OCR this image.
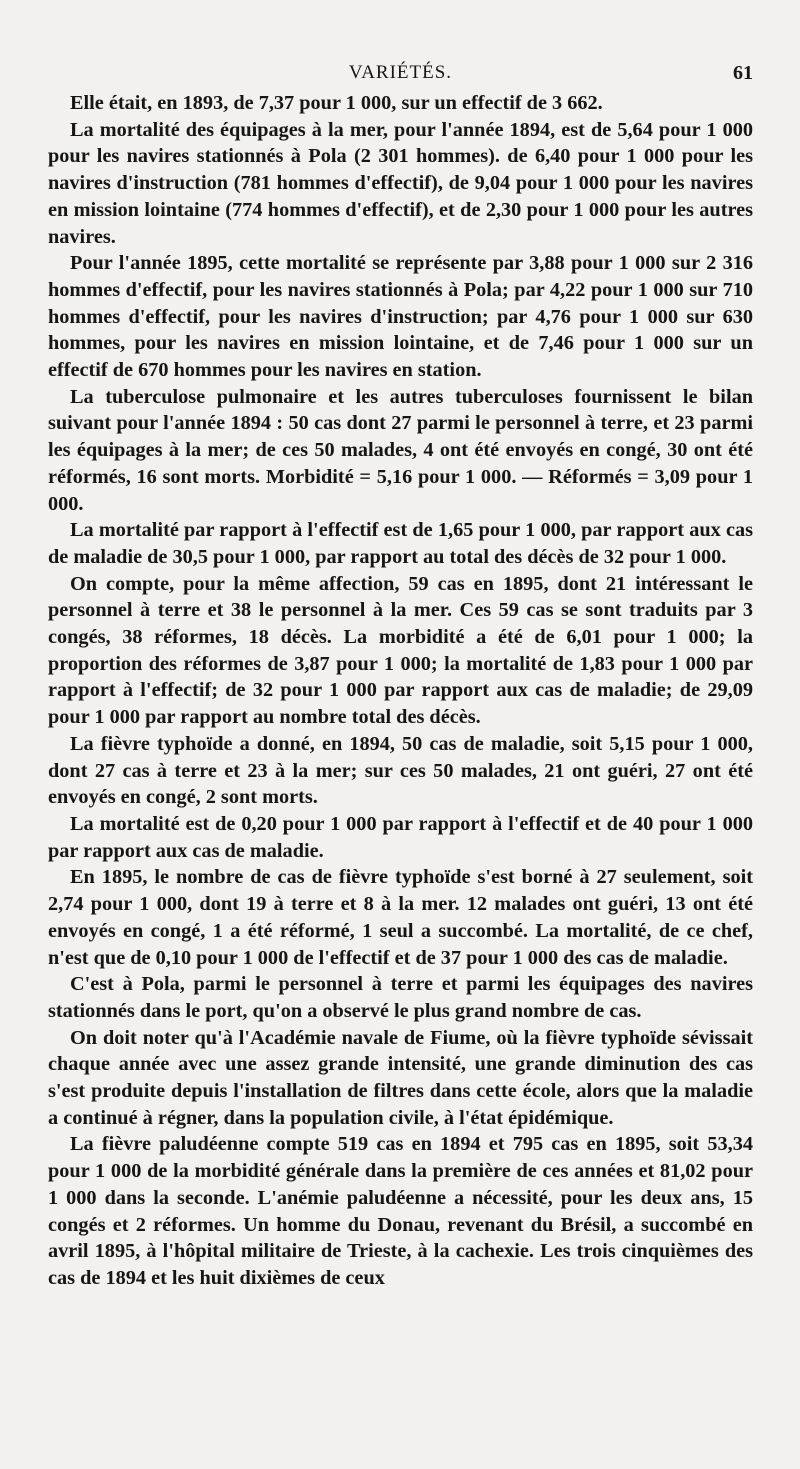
VARIÉTÉS.	61

Elle était, en 1893, de 7,37 pour 1 000, sur un effectif de 3 662.

La mortalité des équipages à la mer, pour l'année 1894, est de 5,64 pour 1 000 pour les navires stationnés à Pola (2 301 hommes). de 6,40 pour 1 000 pour les navires d'instruction (781 hommes d'effectif), de 9,04 pour 1 000 pour les navires en mission lointaine (774 hommes d'effectif), et de 2,30 pour 1 000 pour les autres navires.

Pour l'année 1895, cette mortalité se représente par 3,88 pour 1 000 sur 2 316 hommes d'effectif, pour les navires stationnés à Pola; par 4,22 pour 1 000 sur 710 hommes d'effectif, pour les navires d'instruction; par 4,76 pour 1 000 sur 630 hommes, pour les navires en mission lointaine, et de 7,46 pour 1 000 sur un effectif de 670 hommes pour les navires en station.

La tuberculose pulmonaire et les autres tuberculoses fournissent le bilan suivant pour l'année 1894 : 50 cas dont 27 parmi le personnel à terre, et 23 parmi les équipages à la mer; de ces 50 malades, 4 ont été envoyés en congé, 30 ont été réformés, 16 sont morts. Morbidité = 5,16 pour 1 000. — Réformés = 3,09 pour 1 000.

La mortalité par rapport à l'effectif est de 1,65 pour 1 000, par rapport aux cas de maladie de 30,5 pour 1 000, par rapport au total des décès de 32 pour 1 000.

On compte, pour la même affection, 59 cas en 1895, dont 21 intéressant le personnel à terre et 38 le personnel à la mer. Ces 59 cas se sont traduits par 3 congés, 38 réformes, 18 décès. La morbidité a été de 6,01 pour 1 000; la proportion des réformes de 3,87 pour 1 000; la mortalité de 1,83 pour 1 000 par rapport à l'effectif; de 32 pour 1 000 par rapport aux cas de maladie; de 29,09 pour 1 000 par rapport au nombre total des décès.

La fièvre typhoïde a donné, en 1894, 50 cas de maladie, soit 5,15 pour 1 000, dont 27 cas à terre et 23 à la mer; sur ces 50 malades, 21 ont guéri, 27 ont été envoyés en congé, 2 sont morts.

La mortalité est de 0,20 pour 1 000 par rapport à l'effectif et de 40 pour 1 000 par rapport aux cas de maladie.

En 1895, le nombre de cas de fièvre typhoïde s'est borné à 27 seulement, soit 2,74 pour 1 000, dont 19 à terre et 8 à la mer. 12 malades ont guéri, 13 ont été envoyés en congé, 1 a été réformé, 1 seul a succombé. La mortalité, de ce chef, n'est que de 0,10 pour 1 000 de l'effectif et de 37 pour 1 000 des cas de maladie.

C'est à Pola, parmi le personnel à terre et parmi les équipages des navires stationnés dans le port, qu'on a observé le plus grand nombre de cas.

On doit noter qu'à l'Académie navale de Fiume, où la fièvre typhoïde sévissait chaque année avec une assez grande intensité, une grande diminution des cas s'est produite depuis l'installation de filtres dans cette école, alors que la maladie a continué à régner, dans la population civile, à l'état épidémique.

La fièvre paludéenne compte 519 cas en 1894 et 795 cas en 1895, soit 53,34 pour 1 000 de la morbidité générale dans la première de ces années et 81,02 pour 1 000 dans la seconde. L'anémie paludéenne a nécessité, pour les deux ans, 15 congés et 2 réformes. Un homme du Donau, revenant du Brésil, a succombé en avril 1895, à l'hôpital militaire de Trieste, à la cachexie. Les trois cinquièmes des cas de 1894 et les huit dixièmes de ceux
